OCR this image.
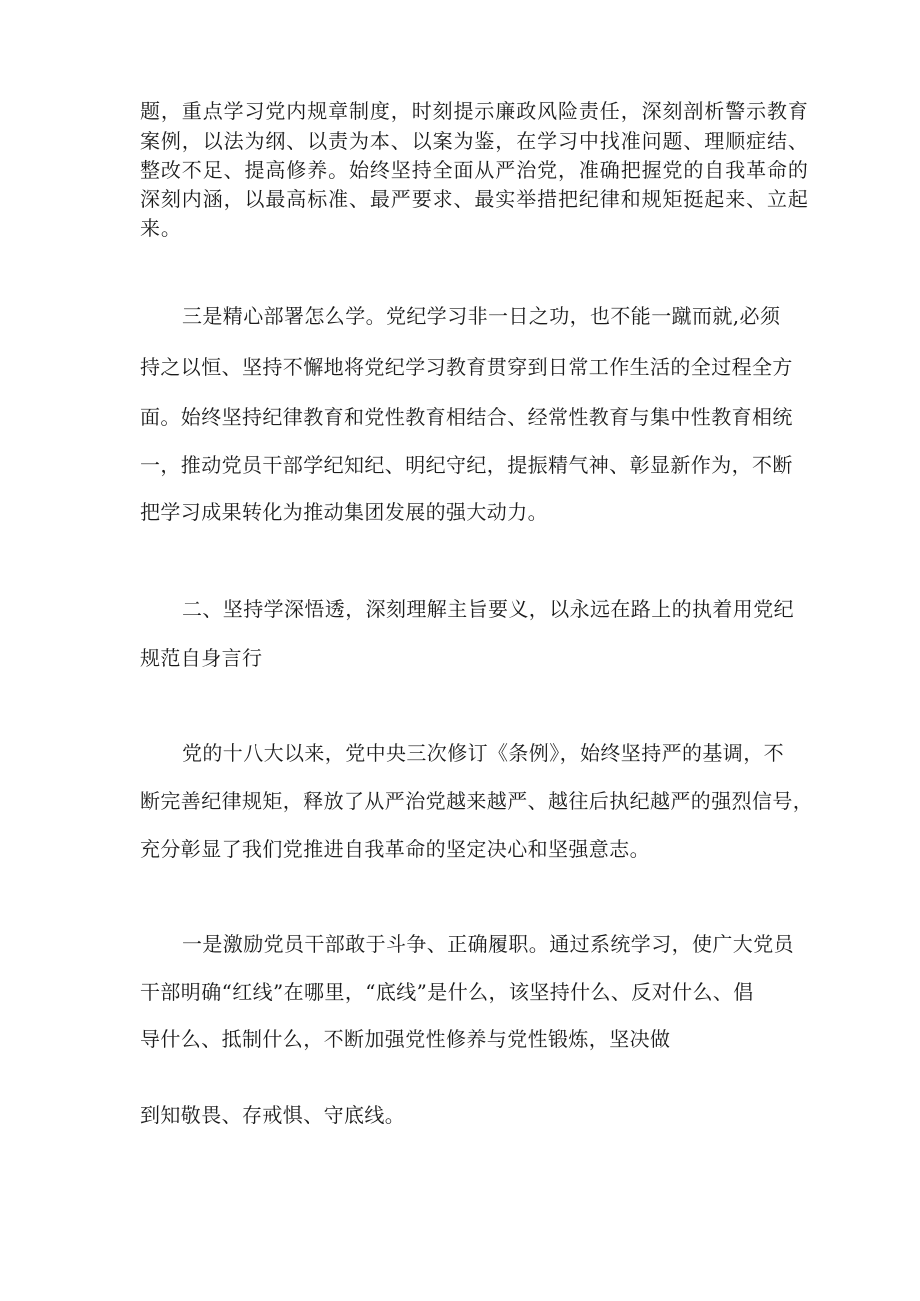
题，重点学习党内规章制度，时刻提示廉政风险责任，深刻剖析警示教育
案例，以法为纲、以责为本、以案为鉴，在学习中找准问题、理顺症结、
整改不足、提高修养。始终坚持全面从严治党，准确把握党的自我革命的
深刻内涵，以最高标准、最严要求、最实举措把纪律和规矩挺起来、立起
来。
三是精心部署怎么学。党纪学习非一日之功，也不能一蹴而就,必须
持之以恒、坚持不懈地将党纪学习教育贯穿到日常工作生活的全过程全方
面。始终坚持纪律教育和党性教育相结合、经常性教育与集中性教育相统
一，推动党员干部学纪知纪、明纪守纪，提振精气神、彰显新作为，不断
把学习成果转化为推动集团发展的强大动力。
二、坚持学深悟透，深刻理解主旨要义，以永远在路上的执着用党纪
规范自身言行
党的十八大以来，党中央三次修订《条例》，始终坚持严的基调，不
断完善纪律规矩，释放了从严治党越来越严、越往后执纪越严的强烈信号，
充分彰显了我们党推进自我革命的坚定决心和坚强意志。
一是激励党员干部敢于斗争、正确履职。通过系统学习，使广大党员
干部明确“红线”在哪里，“底线”是什么，该坚持什么、反对什么、倡
导什么、抵制什么，不断加强党性修养与党性锻炼，坚决做
到知敬畏、存戒惧、守底线。
